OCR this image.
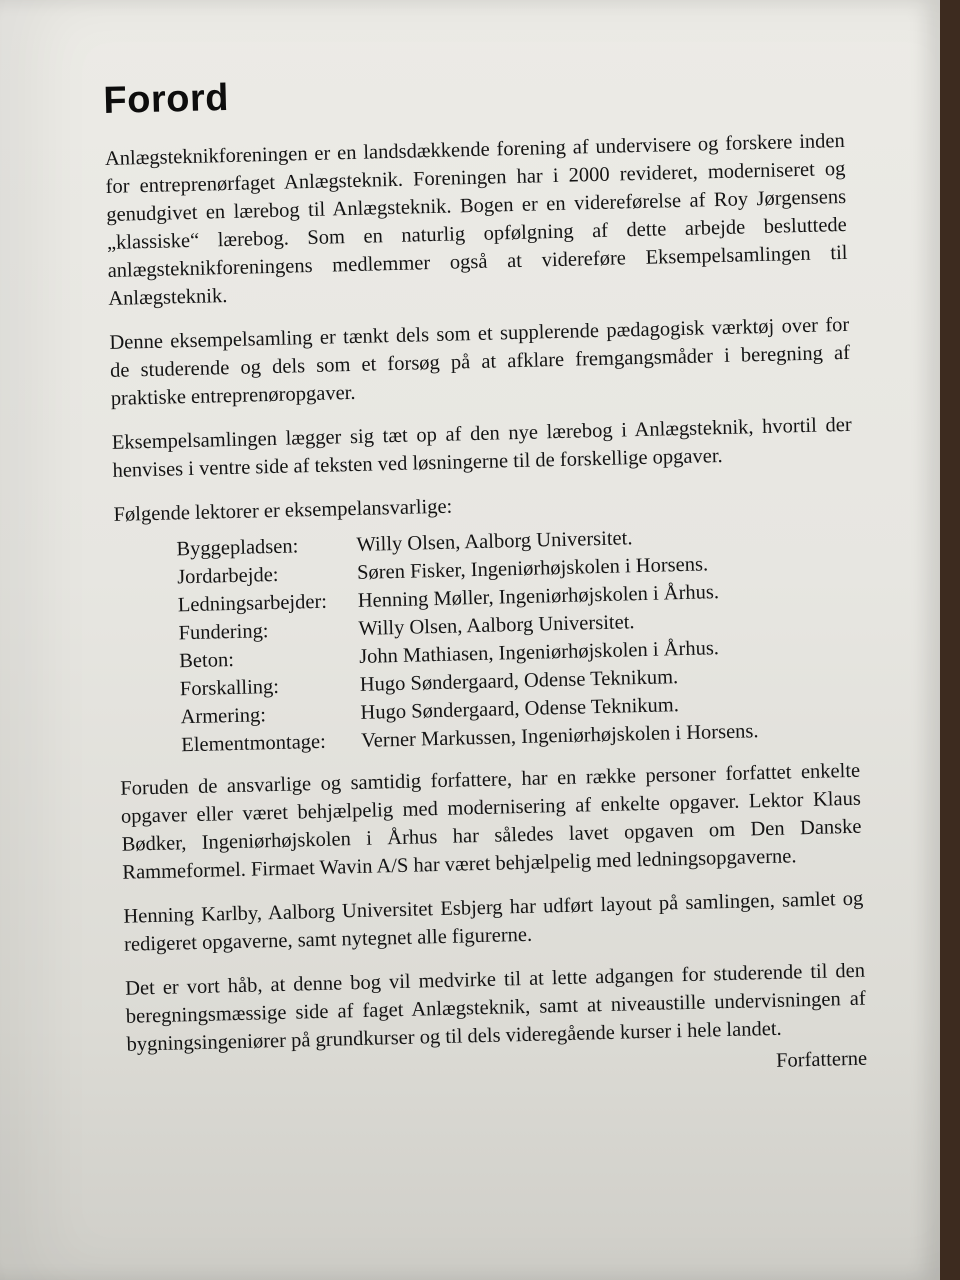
Forord

Anlægsteknikforeningen er en landsdækkende forening af undervisere og forskere inden for entreprenørfaget Anlægsteknik. Foreningen har i 2000 revideret, moderniseret og genudgivet en lærebog til Anlægsteknik. Bogen er en videreførelse af Roy Jørgensens „klassiske“ lærebog. Som en naturlig opfølgning af dette arbejde besluttede anlægsteknikforeningens medlemmer også at videreføre Eksempelsamlingen til Anlægsteknik.

Denne eksempelsamling er tænkt dels som et supplerende pædagogisk værktøj over for de studerende og dels som et forsøg på at afklare fremgangsmåder i beregning af praktiske entreprenøropgaver.

Eksempelsamlingen lægger sig tæt op af den nye lærebog i Anlægsteknik, hvortil der henvises i ventre side af teksten ved løsningerne til de forskellige opgaver.

Følgende lektorer er eksempelansvarlige:

Byggepladsen:	Willy Olsen, Aalborg Universitet.
Jordarbejde:	Søren Fisker, Ingeniørhøjskolen i Horsens.
Ledningsarbejder:	Henning Møller, Ingeniørhøjskolen i Århus.
Fundering:	Willy Olsen, Aalborg Universitet.
Beton:	John Mathiasen, Ingeniørhøjskolen i Århus.
Forskalling:	Hugo Søndergaard, Odense Teknikum.
Armering:	Hugo Søndergaard, Odense Teknikum.
Elementmontage:	Verner Markussen, Ingeniørhøjskolen i Horsens.

Foruden de ansvarlige og samtidig forfattere, har en række personer forfattet enkelte opgaver eller været behjælpelig med modernisering af enkelte opgaver. Lektor Klaus Bødker, Ingeniørhøjskolen i Århus har således lavet opgaven om Den Danske Rammeformel. Firmaet Wavin A/S har været behjælpelig med ledningsopgaverne.

Henning Karlby, Aalborg Universitet Esbjerg har udført layout på samlingen, samlet og redigeret opgaverne, samt nytegnet alle figurerne.

Det er vort håb, at denne bog vil medvirke til at lette adgangen for studerende til den beregningsmæssige side af faget Anlægsteknik, samt at niveaustille undervisningen af bygningsingeniører på grundkurser og til dels videregående kurser i hele landet.

Forfatterne
